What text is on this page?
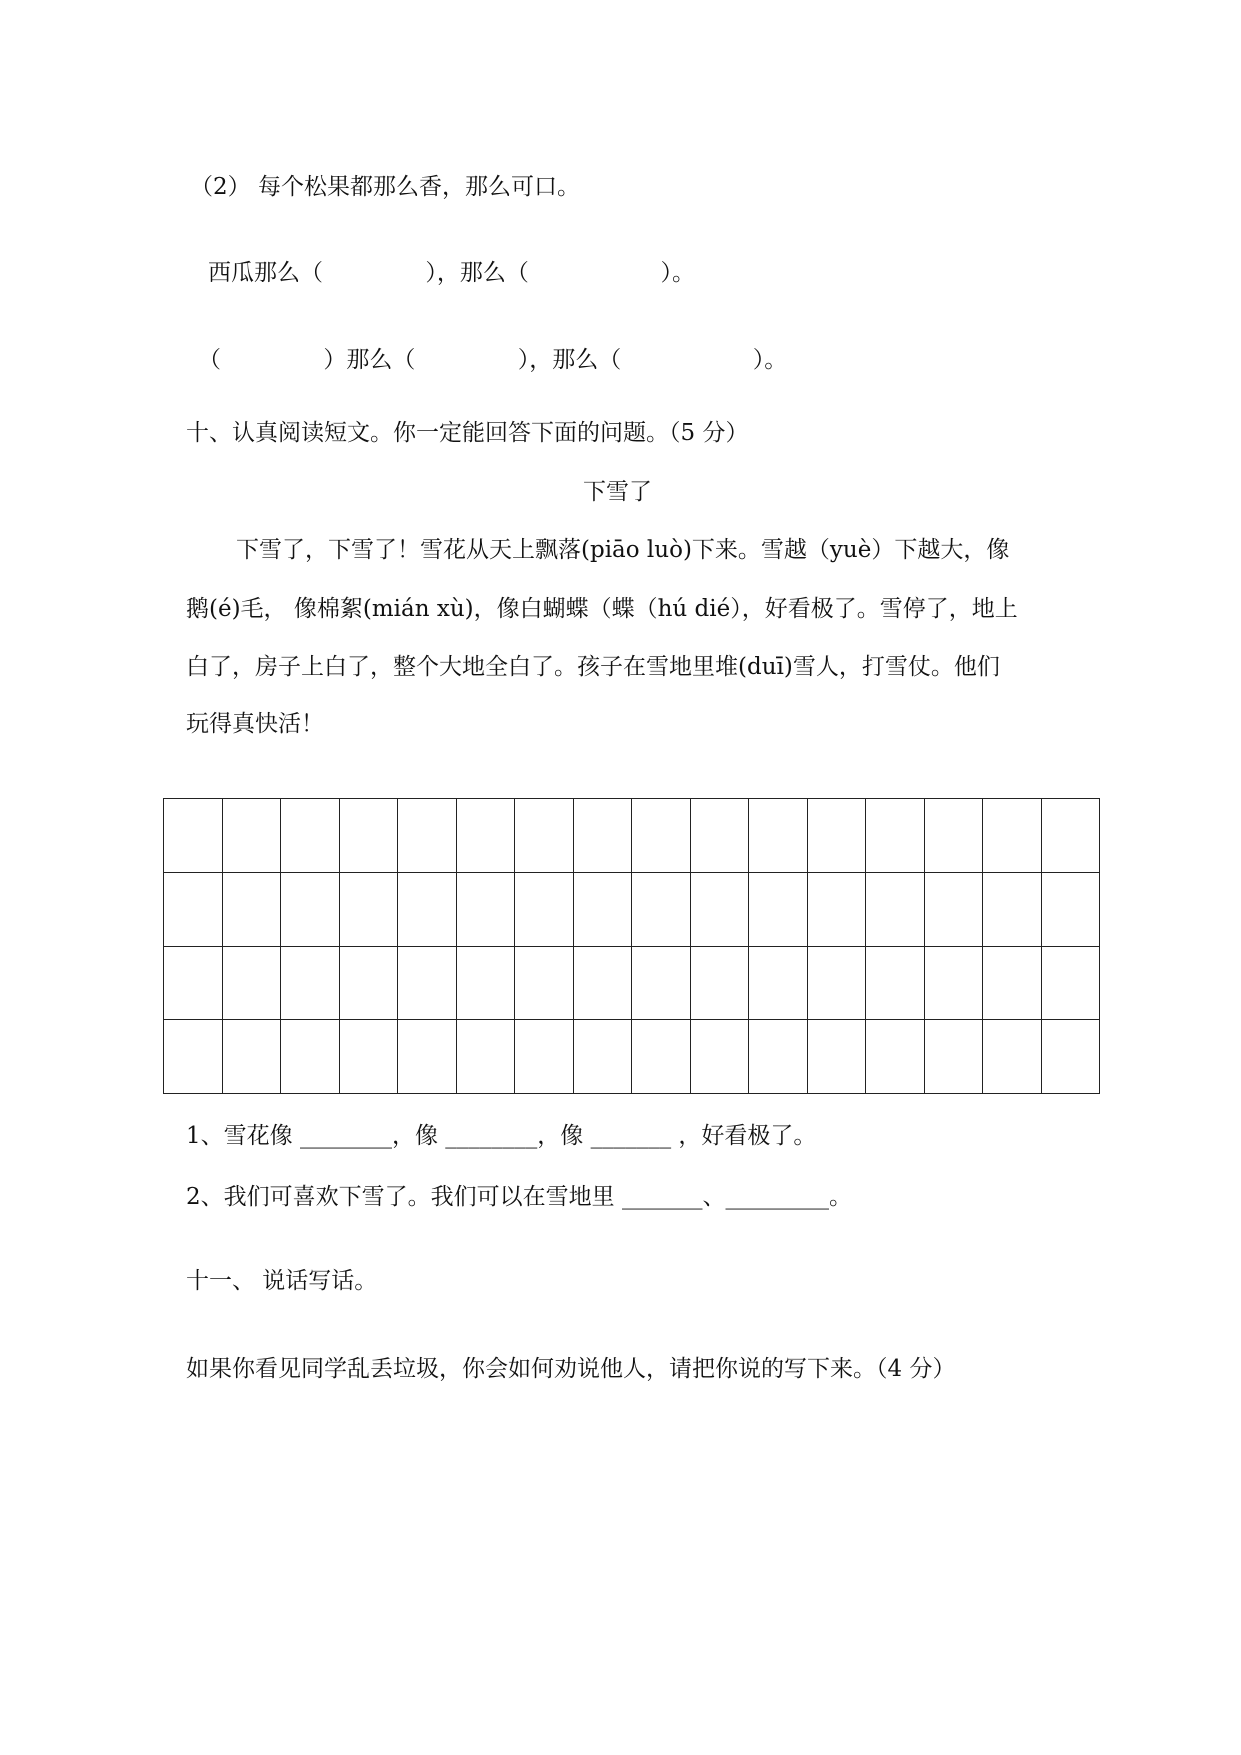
（2） 每个松果都那么香，那么可口。
西瓜那么（              ），那么（                  ）。
（              ）那么（              ），那么（                  ）。
十、认真阅读短文。你一定能回答下面的问题。（5 分）
下雪了
下雪了，下雪了！雪花从天上飘落(piāo luò)下来。雪越（yuè）下越大，像
鹅(é)毛， 像棉絮(mián xù)，像白蝴蝶（蝶（hú dié），好看极了。雪停了，地上
白了，房子上白了，整个大地全白了。孩子在雪地里堆(duī)雪人，打雪仗。他们
玩得真快活！

1、雪花像 ________，像 ________，像 _______ ，好看极了。
2、我们可喜欢下雪了。我们可以在雪地里 _______、_________。
十一、 说话写话。
如果你看见同学乱丢垃圾，你会如何劝说他人，请把你说的写下来。（4 分）
